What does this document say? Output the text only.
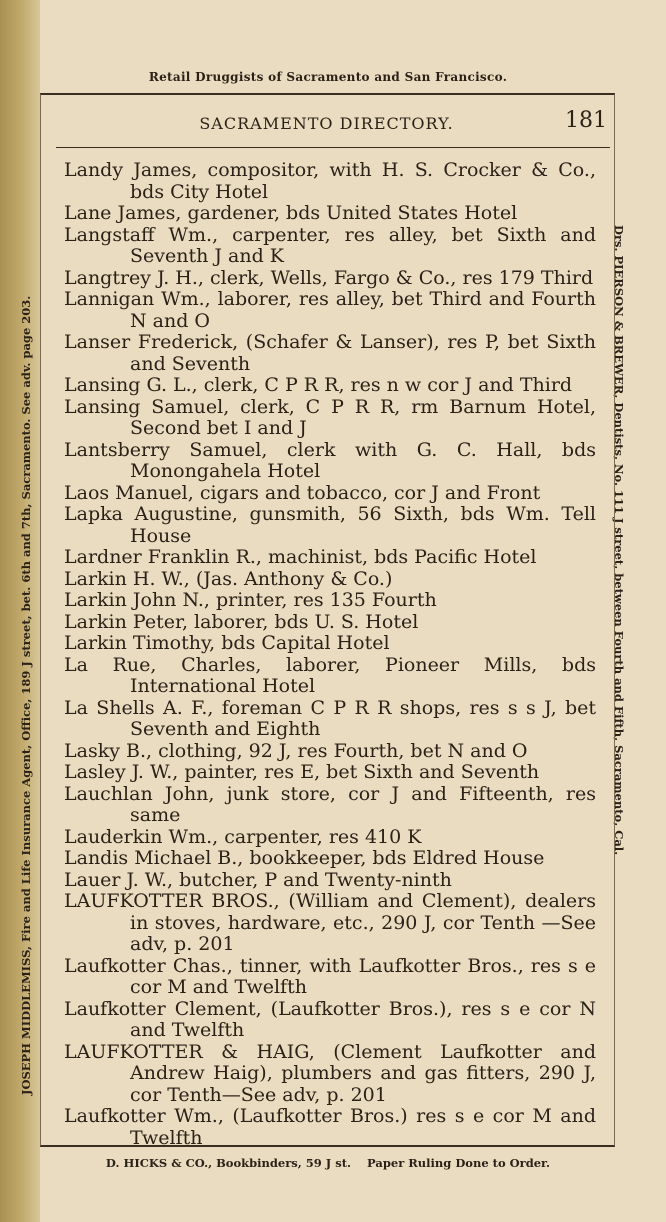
Retail Druggists of Sacramento and San Francisco.
JOSEPH MIDDLEMISS, Fire and Life Insurance Agent, Office, 189 J street, bet. 6th and 7th, Sacramento. See adv. page 203.	Drs. PIERSON & BREWER, Dentists, No. 111 J street, between Fourth and Fifth, Sacramento, Cal.
SACRAMENTO DIRECTORY.	181

Landy James, compositor, with H. S. Crocker & Co., bds City Hotel

Lane James, gardener, bds United States Hotel

Langstaff Wm., carpenter, res alley, bet Sixth and Seventh J and K

Langtrey J. H., clerk, Wells, Fargo & Co., res 179 Third

Lannigan Wm., laborer, res alley, bet Third and Fourth N and O

Lanser Frederick, (Schafer & Lanser), res P, bet Sixth and Seventh

Lansing G. L., clerk, C P R R, res n w cor J and Third

Lansing Samuel, clerk, C P R R, rm Barnum Hotel, Second bet I and J

Lantsberry Samuel, clerk with G. C. Hall, bds Monongahela Hotel

Laos Manuel, cigars and tobacco, cor J and Front

Lapka Augustine, gunsmith, 56 Sixth, bds Wm. Tell House

Lardner Franklin R., machinist, bds Pacific Hotel

Larkin H. W., (Jas. Anthony & Co.)

Larkin John N., printer, res 135 Fourth

Larkin Peter, laborer, bds U. S. Hotel

Larkin Timothy, bds Capital Hotel

La Rue, Charles, laborer, Pioneer Mills, bds International Hotel

La Shells A. F., foreman C P R R shops, res s s J, bet Seventh and Eighth

Lasky B., clothing, 92 J, res Fourth, bet N and O

Lasley J. W., painter, res E, bet Sixth and Seventh

Lauchlan John, junk store, cor J and Fifteenth, res same

Lauderkin Wm., carpenter, res 410 K

Landis Michael B., bookkeeper, bds Eldred House

Lauer J. W., butcher, P and Twenty-ninth

LAUFKOTTER BROS., (William and Clement), dealers in stoves, hardware, etc., 290 J, cor Tenth —See adv, p. 201

Laufkotter Chas., tinner, with Laufkotter Bros., res s e cor M and Twelfth

Laufkotter Clement, (Laufkotter Bros.), res s e cor N and Twelfth

LAUFKOTTER & HAIG, (Clement Laufkotter and Andrew Haig), plumbers and gas fitters, 290 J, cor Tenth—See adv, p. 201

Laufkotter Wm., (Laufkotter Bros.) res s e cor M and Twelfth

D. HICKS & CO., Bookbinders, 59 J st.    Paper Ruling Done to Order.
